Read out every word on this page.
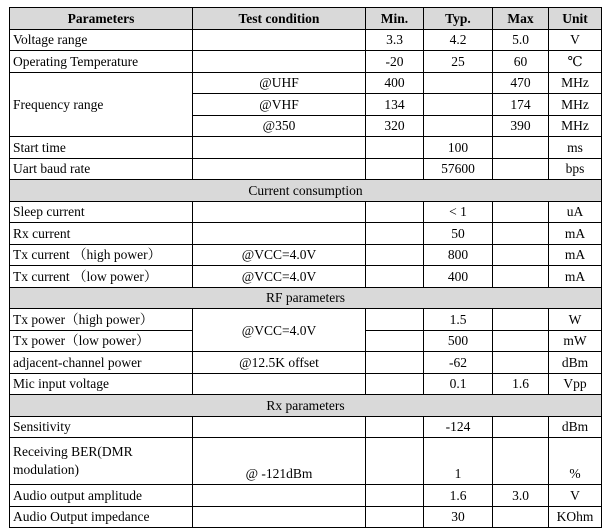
Parameters	Test condition	Min.	Typ.	Max	Unit
Voltage range		3.3	4.2	5.0	V
Operating Temperature		-20	25	60	℃
Frequency range	@UHF	400		470	MHz
	@VHF	134		174	MHz
	@350	320		390	MHz
Start time			100		ms
Uart baud rate			57600		bps
Current consumption					
Sleep current			< 1		uA
Rx current			50		mA
Tx current （high power）	@VCC=4.0V		800		mA
Tx current （low power）	@VCC=4.0V		400		mA
RF parameters					
Tx power（high power）	@VCC=4.0V		1.5		W
Tx power（low power）			500		mW
adjacent-channel power	@12.5K offset		-62		dBm
Mic input voltage			0.1	1.6	Vpp
Rx parameters					
Sensitivity			-124		dBm
Receiving BER(DMR modulation)	@ -121dBm		1		%
Audio output amplitude			1.6	3.0	V
Audio Output impedance			30		KOhm
